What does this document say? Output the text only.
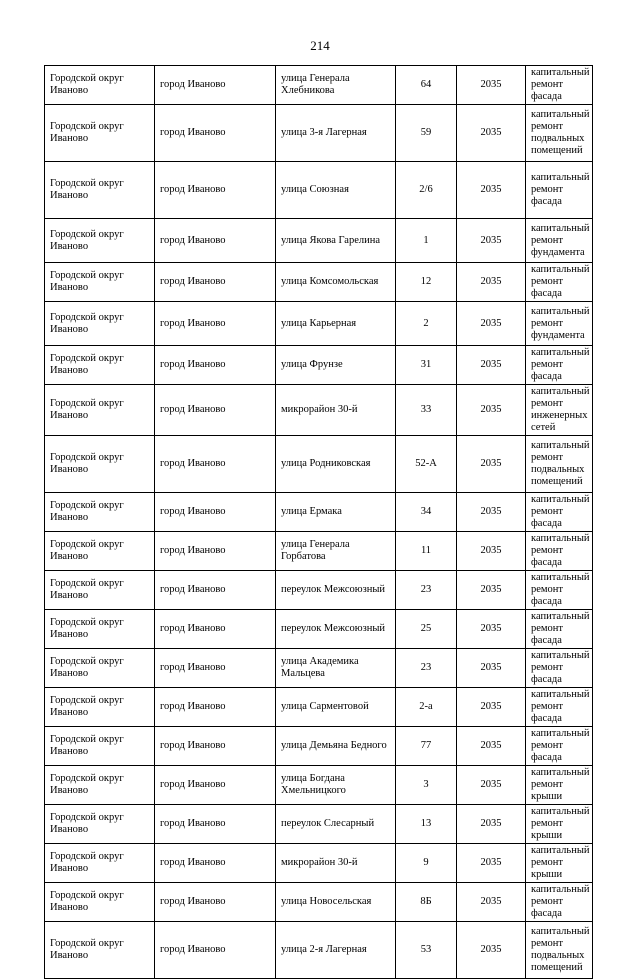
214
Городской округ Иваново	город Иваново	улица Генерала Хлебникова	64	2035	капитальный ремонт фасада
Городской округ Иваново	город Иваново	улица 3-я Лагерная	59	2035	капитальный ремонт подвальных помещений
Городской округ Иваново	город Иваново	улица Союзная	2/6	2035	капитальный ремонт фасада
Городской округ Иваново	город Иваново	улица Якова Гарелина	1	2035	капитальный ремонт фундамента
Городской округ Иваново	город Иваново	улица Комсомольская	12	2035	капитальный ремонт фасада
Городской округ Иваново	город Иваново	улица Карьерная	2	2035	капитальный ремонт фундамента
Городской округ Иваново	город Иваново	улица Фрунзе	31	2035	капитальный ремонт фасада
Городской округ Иваново	город Иваново	микрорайон 30-й	33	2035	капитальный ремонт инженерных сетей
Городской округ Иваново	город Иваново	улица Родниковская	52-А	2035	капитальный ремонт подвальных помещений
Городской округ Иваново	город Иваново	улица Ермака	34	2035	капитальный ремонт фасада
Городской округ Иваново	город Иваново	улица Генерала Горбатова	11	2035	капитальный ремонт фасада
Городской округ Иваново	город Иваново	переулок Межсоюзный	23	2035	капитальный ремонт фасада
Городской округ Иваново	город Иваново	переулок Межсоюзный	25	2035	капитальный ремонт фасада
Городской округ Иваново	город Иваново	улица Академика Мальцева	23	2035	капитальный ремонт фасада
Городской округ Иваново	город Иваново	улица Сарментовой	2-а	2035	капитальный ремонт фасада
Городской округ Иваново	город Иваново	улица Демьяна Бедного	77	2035	капитальный ремонт фасада
Городской округ Иваново	город Иваново	улица Богдана Хмельницкого	3	2035	капитальный ремонт крыши
Городской округ Иваново	город Иваново	переулок Слесарный	13	2035	капитальный ремонт крыши
Городской округ Иваново	город Иваново	микрорайон 30-й	9	2035	капитальный ремонт крыши
Городской округ Иваново	город Иваново	улица Новосельская	8Б	2035	капитальный ремонт фасада
Городской округ Иваново	город Иваново	улица 2-я Лагерная	53	2035	капитальный ремонт подвальных помещений
